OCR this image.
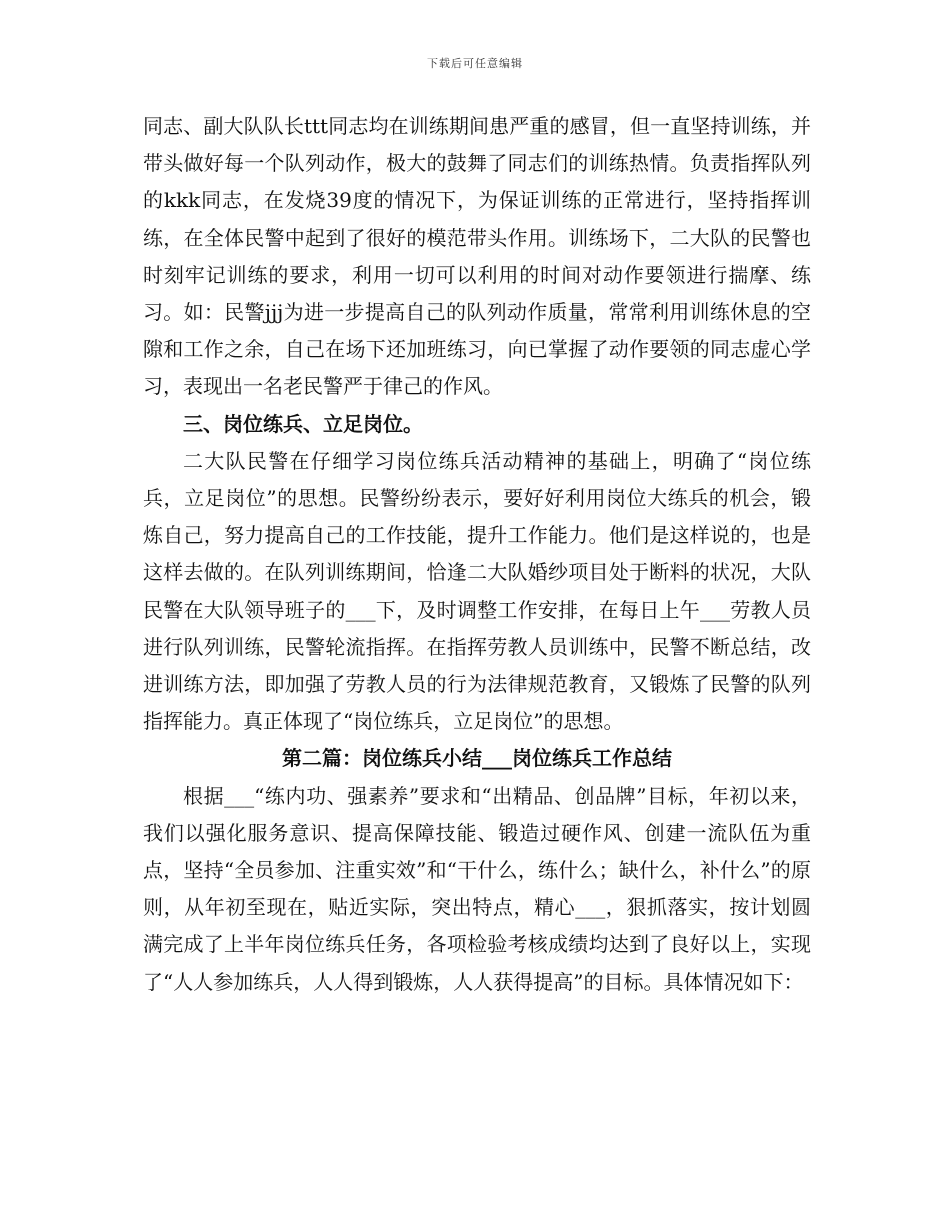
下载后可任意编辑

同志、副大队队长ttt同志均在训练期间患严重的感冒，但一直坚持训练，并带头做好每一个队列动作，极大的鼓舞了同志们的训练热情。负责指挥队列的kkk同志，在发烧39度的情况下，为保证训练的正常进行，坚持指挥训练，在全体民警中起到了很好的模范带头作用。训练场下，二大队的民警也时刻牢记训练的要求，利用一切可以利用的时间对动作要领进行揣摩、练习。如：民警jjj为进一步提高自己的队列动作质量，常常利用训练休息的空隙和工作之余，自己在场下还加班练习，向已掌握了动作要领的同志虚心学习，表现出一名老民警严于律己的作风。

三、岗位练兵、立足岗位。

二大队民警在仔细学习岗位练兵活动精神的基础上，明确了“岗位练兵，立足岗位”的思想。民警纷纷表示，要好好利用岗位大练兵的机会，锻炼自己，努力提高自己的工作技能，提升工作能力。他们是这样说的，也是这样去做的。在队列训练期间，恰逢二大队婚纱项目处于断料的状况，大队民警在大队领导班子的___下，及时调整工作安排，在每日上午___劳教人员进行队列训练，民警轮流指挥。在指挥劳教人员训练中，民警不断总结，改进训练方法，即加强了劳教人员的行为法律规范教育，又锻炼了民警的队列指挥能力。真正体现了“岗位练兵，立足岗位”的思想。

第二篇：岗位练兵小结___岗位练兵工作总结

根据___“练内功、强素养”要求和“出精品、创品牌”目标，年初以来，我们以强化服务意识、提高保障技能、锻造过硬作风、创建一流队伍为重点，坚持“全员参加、注重实效”和“干什么，练什么；缺什么，补什么”的原则，从年初至现在，贴近实际，突出特点，精心___，狠抓落实，按计划圆满完成了上半年岗位练兵任务，各项检验考核成绩均达到了良好以上，实现了“人人参加练兵，人人得到锻炼，人人获得提高”的目标。具体情况如下：
